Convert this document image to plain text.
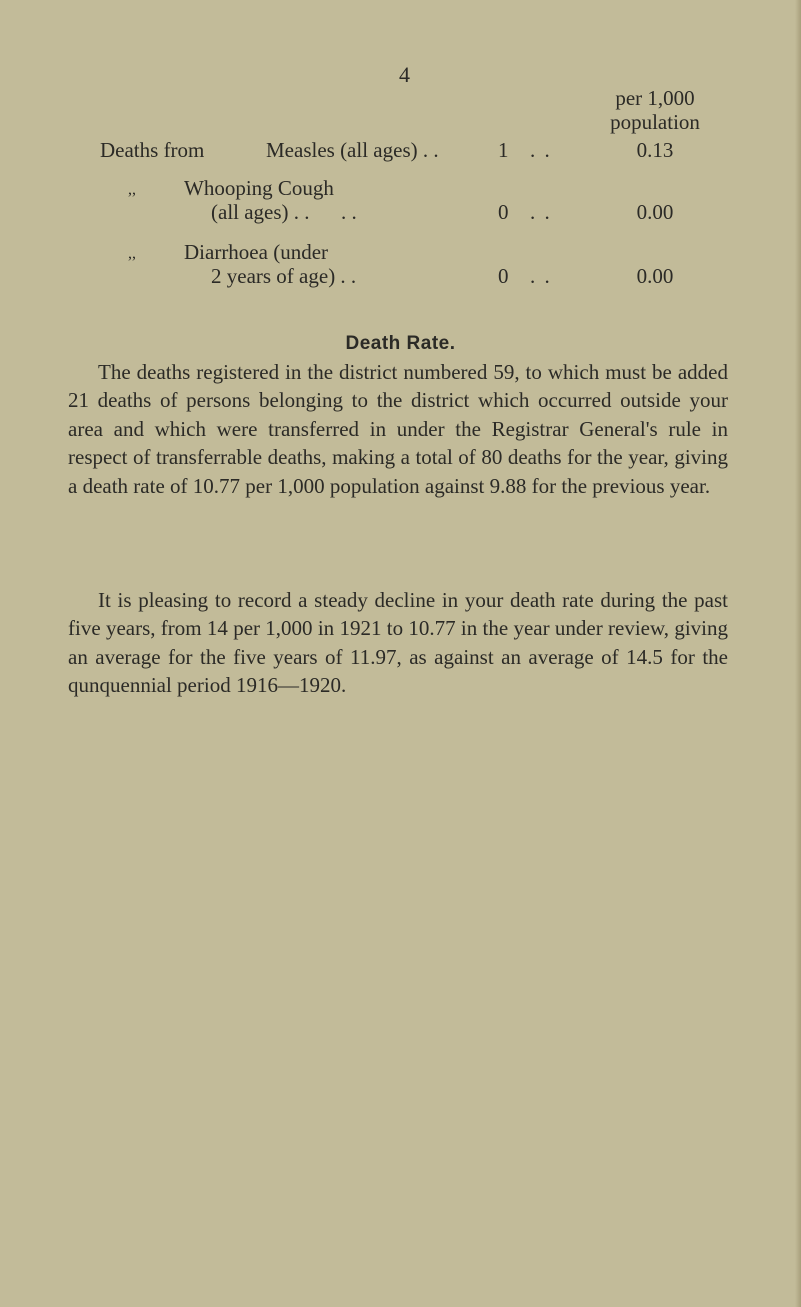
4
per 1,000 population
Deaths from	Measles (all ages) . .	1 . .	0.13
,, Whooping Cough
(all ages) . .      . .	0 . .	0.00
,, Diarrhoea (under
2 years of age) . .	0 . .	0.00
Death Rate.

The deaths registered in the district numbered 59, to which must be added 21 deaths of persons belonging to the district which occurred outside your area and which were transferred in under the Registrar General's rule in respect of transferrable deaths, making a total of 80 deaths for the year, giving a death rate of 10.77 per 1,000 population against 9.88 for the previous year.

It is pleasing to record a steady decline in your death rate during the past five years, from 14 per 1,000 in 1921 to 10.77 in the year under review, giving an average for the five years of 11.97, as against an average of 14.5 for the qunquennial period 1916—1920.
